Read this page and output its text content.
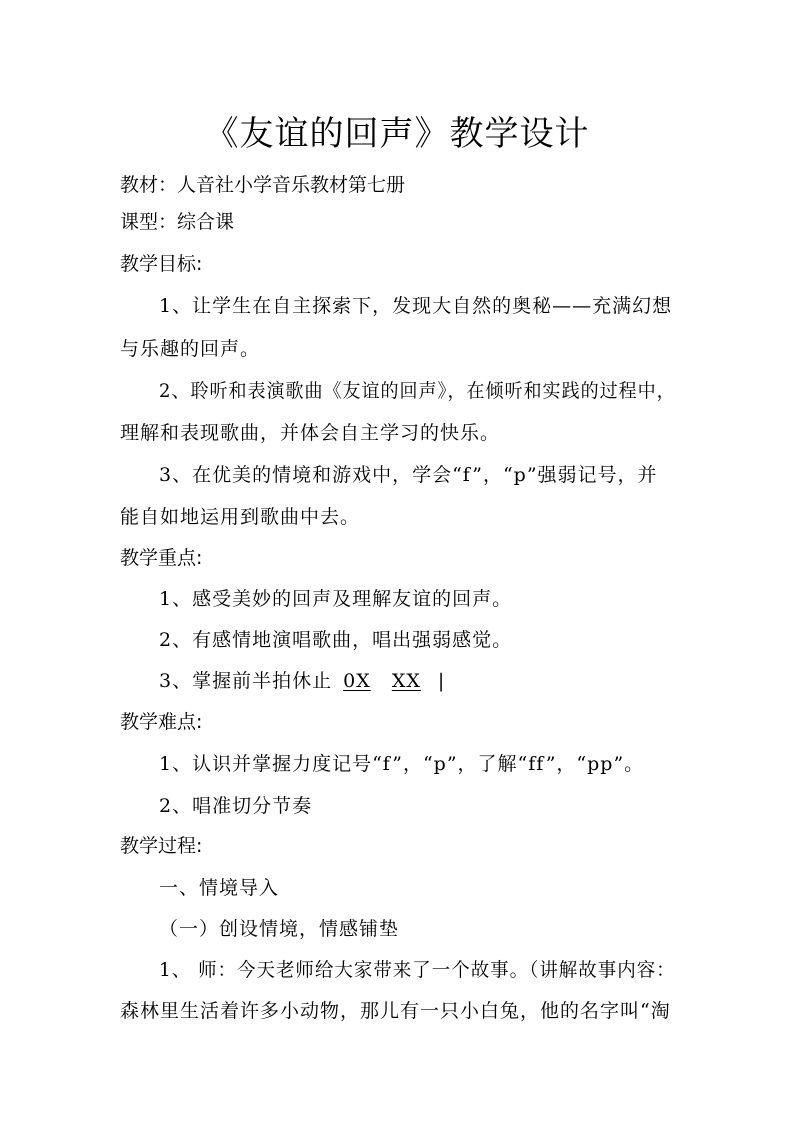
《友谊的回声》教学设计
教材：人音社小学音乐教材第七册
课型：综合课
教学目标:
1、让学生在自主探索下，发现大自然的奥秘——充满幻想
与乐趣的回声。
2、聆听和表演歌曲《友谊的回声》，在倾听和实践的过程中，
理解和表现歌曲，并体会自主学习的快乐。
3、在优美的情境和游戏中，学会“f”，“p”强弱记号，并
能自如地运用到歌曲中去。
教学重点:
1、感受美妙的回声及理解友谊的回声。
2、有感情地演唱歌曲，唱出强弱感觉。
3、掌握前半拍休止 0X XX |
教学难点:
1、认识并掌握力度记号“f”，“p”，了解“ff”，“pp”。
2、唱准切分节奏
教学过程:
一、情境导入
（一）创设情境，情感铺垫
1、 师：今天老师给大家带来了一个故事。（讲解故事内容：
森林里生活着许多小动物，那儿有一只小白兔，他的名字叫“淘
